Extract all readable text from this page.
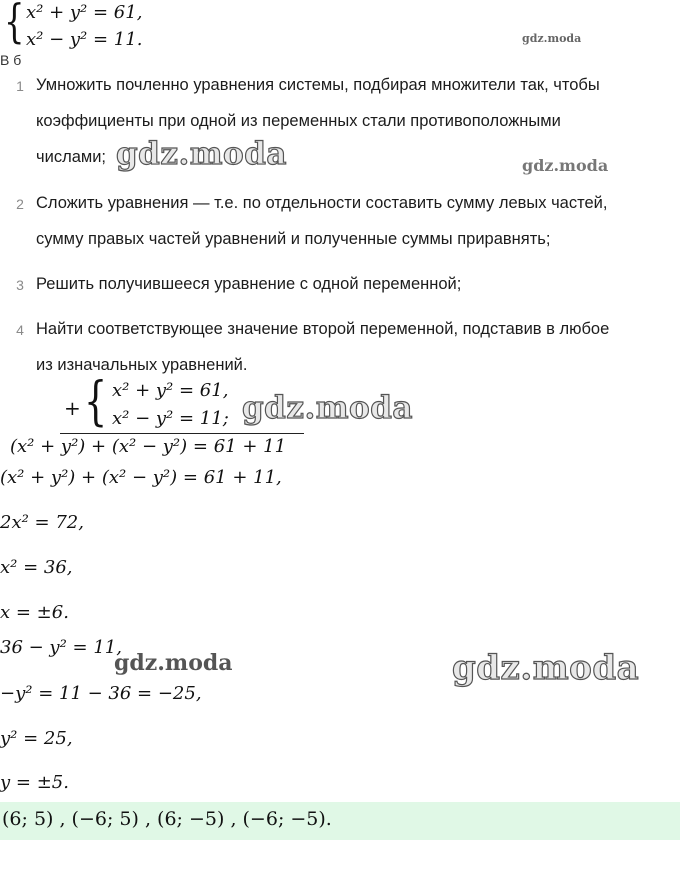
{ x² + y² = 61,
x² − y² = 11.	gdz.moda
В б
1 Умножить почленно уравнения системы, подбирая множители так, чтобы
коэффициенты при одной из переменных стали противоположными
числами; gdz.moda	gdz.moda
2 Сложить уравнения — т.е. по отдельности составить сумму левых частей,
сумму правых частей уравнений и полученные суммы приравнять;
3 Решить получившееся уравнение с одной переменной;
4 Найти соответствующее значение второй переменной, подставив в любое
из изначальных уравнений.
+ { x² + y² = 61,
x² − y² = 11; gdz.moda
(x² + y²) + (x² − y²) = 61 + 11
(x² + y²) + (x² − y²) = 61 + 11,
2x² = 72,
x² = 36,
x = ±6.
36 − y² = 11,
gdz.moda	gdz.moda
−y² = 11 − 36 = −25,
y² = 25,
y = ±5.
(6; 5) , (−6; 5) , (6; −5) , (−6; −5).
